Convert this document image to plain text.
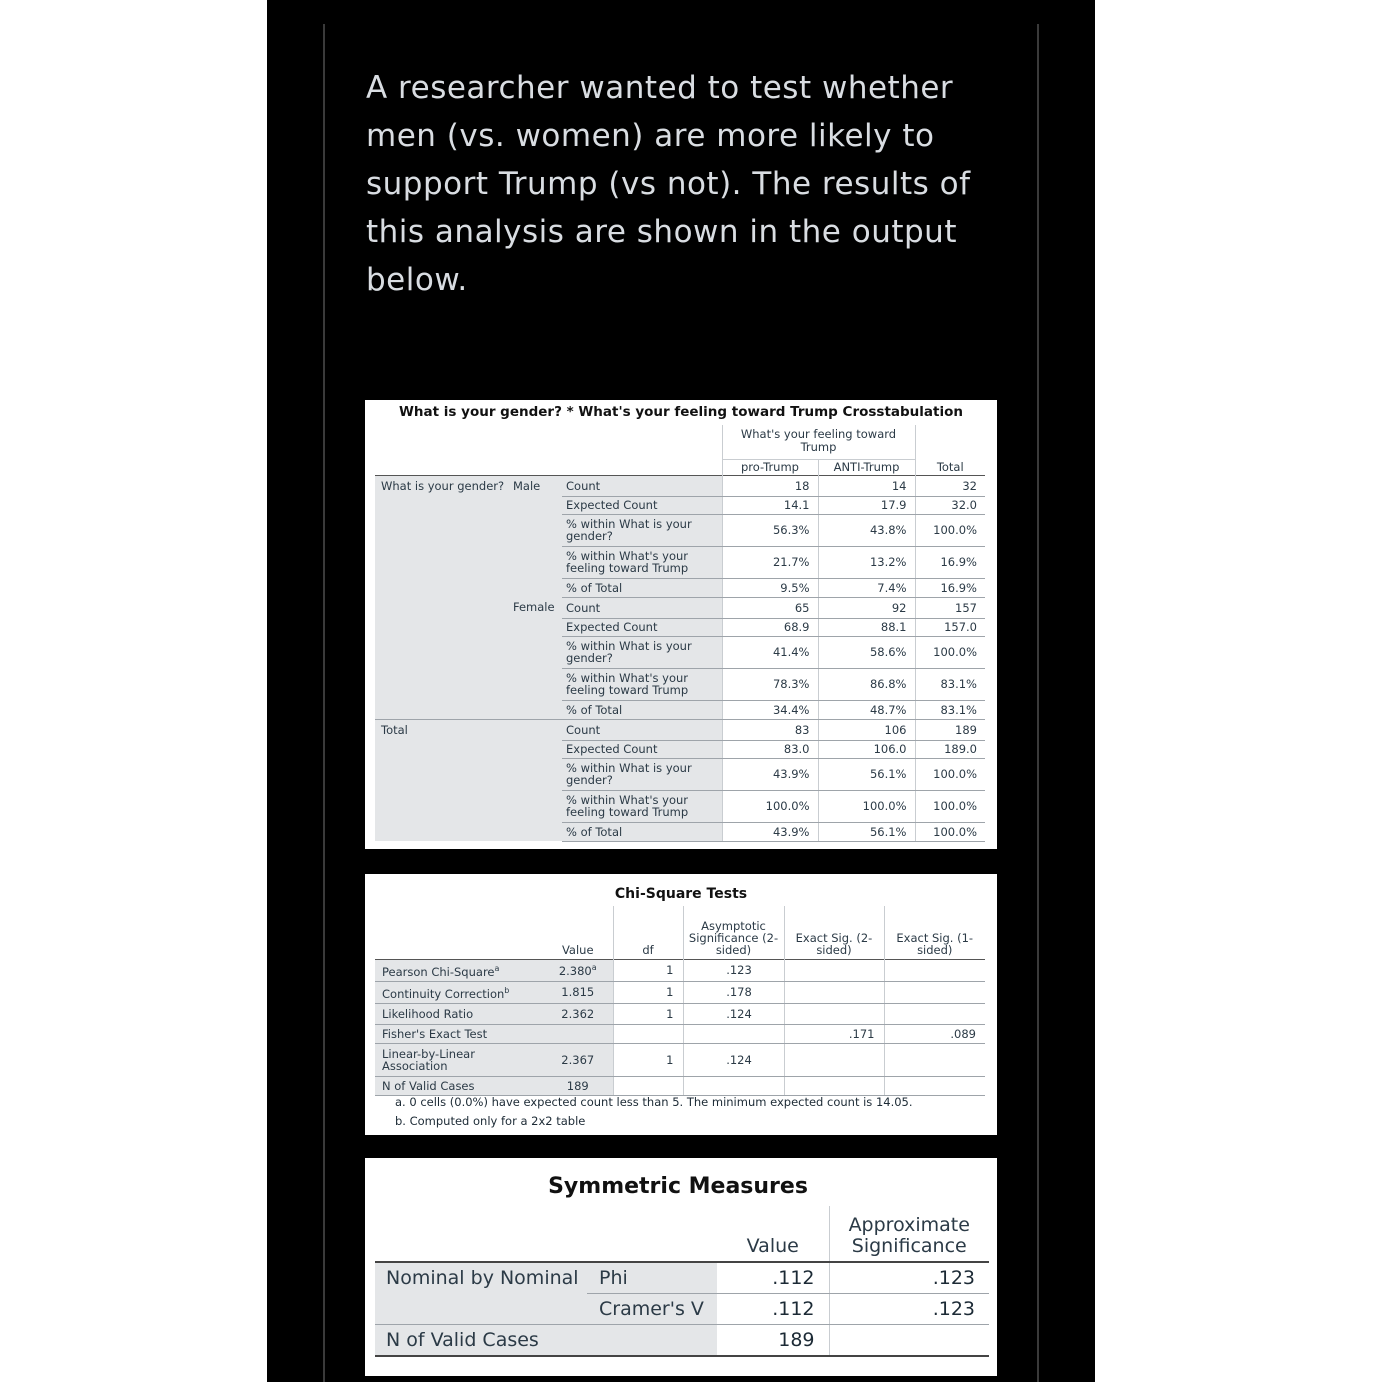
A researcher wanted to test whether men (vs. women) are more likely to support Trump (vs not). The results of this analysis are shown in the output below.

What is your gender? * What's your feeling toward Trump Crosstabulation
			What's your feeling toward Trump		
			pro-Trump	ANTI-Trump	Total
What is your gender?	Male	Count	18	14	32
		Expected Count	14.1	17.9	32.0
		% within What is your gender?	56.3%	43.8%	100.0%
		% within What's your feeling toward Trump	21.7%	13.2%	16.9%
		% of Total	9.5%	7.4%	16.9%
	Female	Count	65	92	157
		Expected Count	68.9	88.1	157.0
		% within What is your gender?	41.4%	58.6%	100.0%
		% within What's your feeling toward Trump	78.3%	86.8%	83.1%
		% of Total	34.4%	48.7%	83.1%
Total		Count	83	106	189
		Expected Count	83.0	106.0	189.0
		% within What is your gender?	43.9%	56.1%	100.0%
		% within What's your feeling toward Trump	100.0%	100.0%	100.0%
		% of Total	43.9%	56.1%	100.0%
Chi-Square Tests
	Value	df	Asymptotic Significance (2-sided)	Exact Sig. (2-sided)	Exact Sig. (1-sided)
Pearson Chi-Square$^a$	2.380$^a$	1	.123		
Continuity Correction$^b$	1.815	1	.178		
Likelihood Ratio	2.362	1	.124		
Fisher's Exact Test				.171	.089
Linear-by-Linear Association	2.367	1	.124		
N of Valid Cases	189				
a. 0 cells (0.0%) have expected count less than 5. The minimum expected count is 14.05.
b. Computed only for a 2x2 table
Symmetric Measures
		Value	Approximate Significance
Nominal by Nominal	Phi	.112	.123
	Cramer's V	.112	.123
N of Valid Cases		189	
